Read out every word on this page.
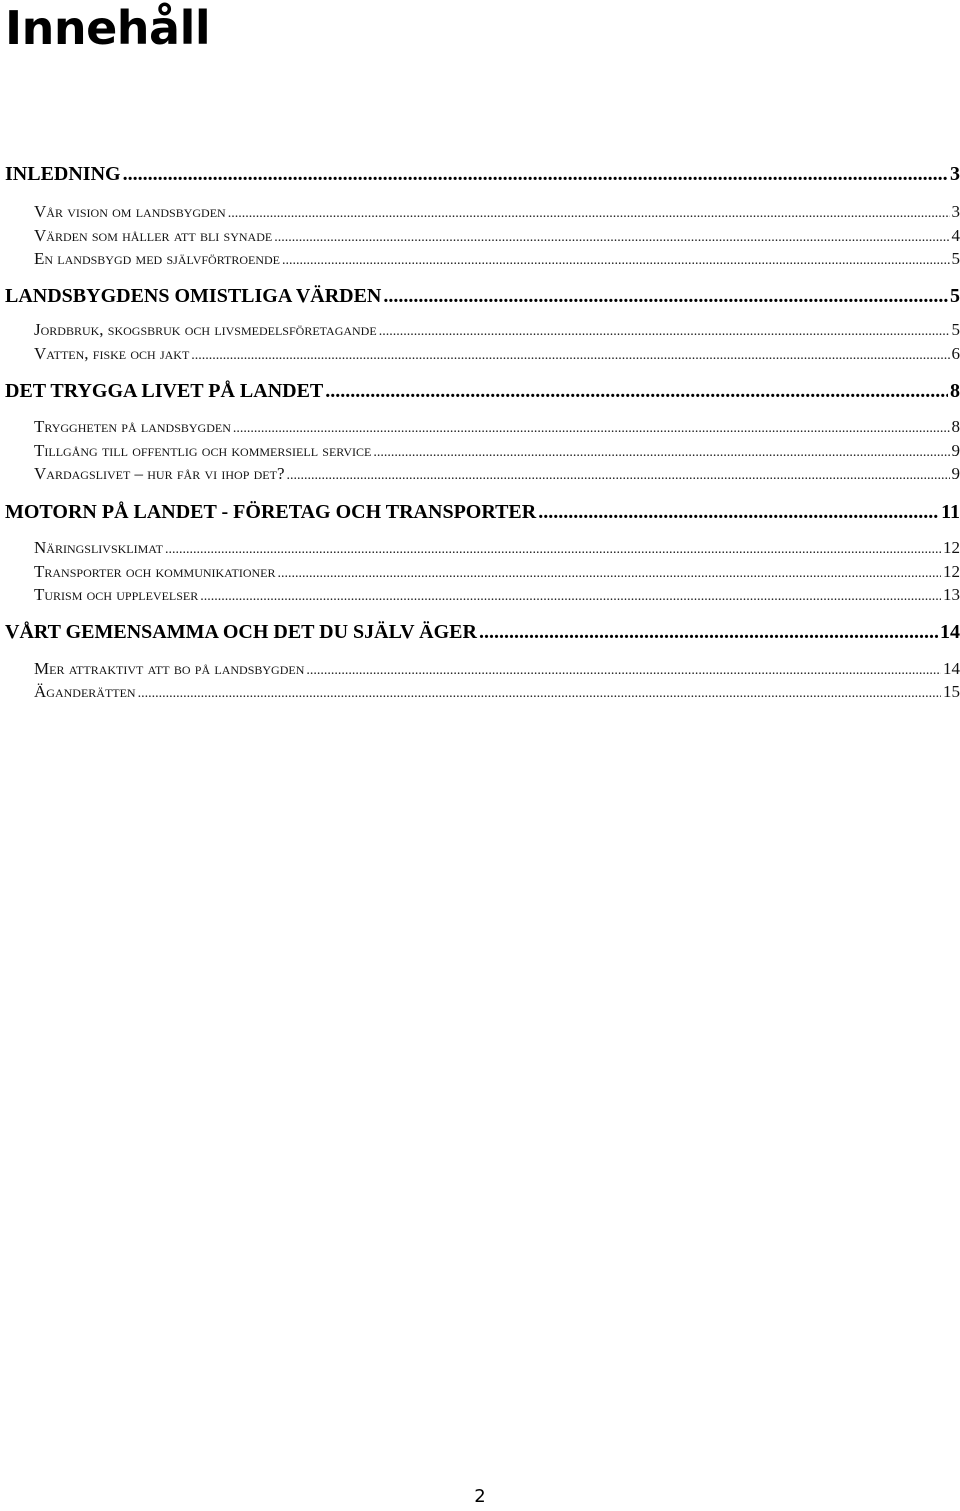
Innehåll
INLEDNING .....	3
Vår vision om landsbygden .....	3
Värden som håller att bli synade .....	4
En landsbygd med självförtroende .....	5
LANDSBYGDENS OMISTLIGA VÄRDEN .....	5
Jordbruk, skogsbruk och livsmedelsföretagande .....	5
Vatten, fiske och jakt .....	6
DET TRYGGA LIVET PÅ LANDET .....	8
Tryggheten på landsbygden .....	8
Tillgång till offentlig och kommersiell service .....	9
Vardagslivet – hur får vi ihop det? .....	9
MOTORN PÅ LANDET - FÖRETAG OCH TRANSPORTER .....	11
Näringslivsklimat .....	12
Transporter och kommunikationer .....	12
Turism och upplevelser .....	13
VÅRT GEMENSAMMA OCH DET DU SJÄLV ÄGER .....	14
Mer attraktivt att bo på landsbygden .....	14
Äganderätten .....	15
2
